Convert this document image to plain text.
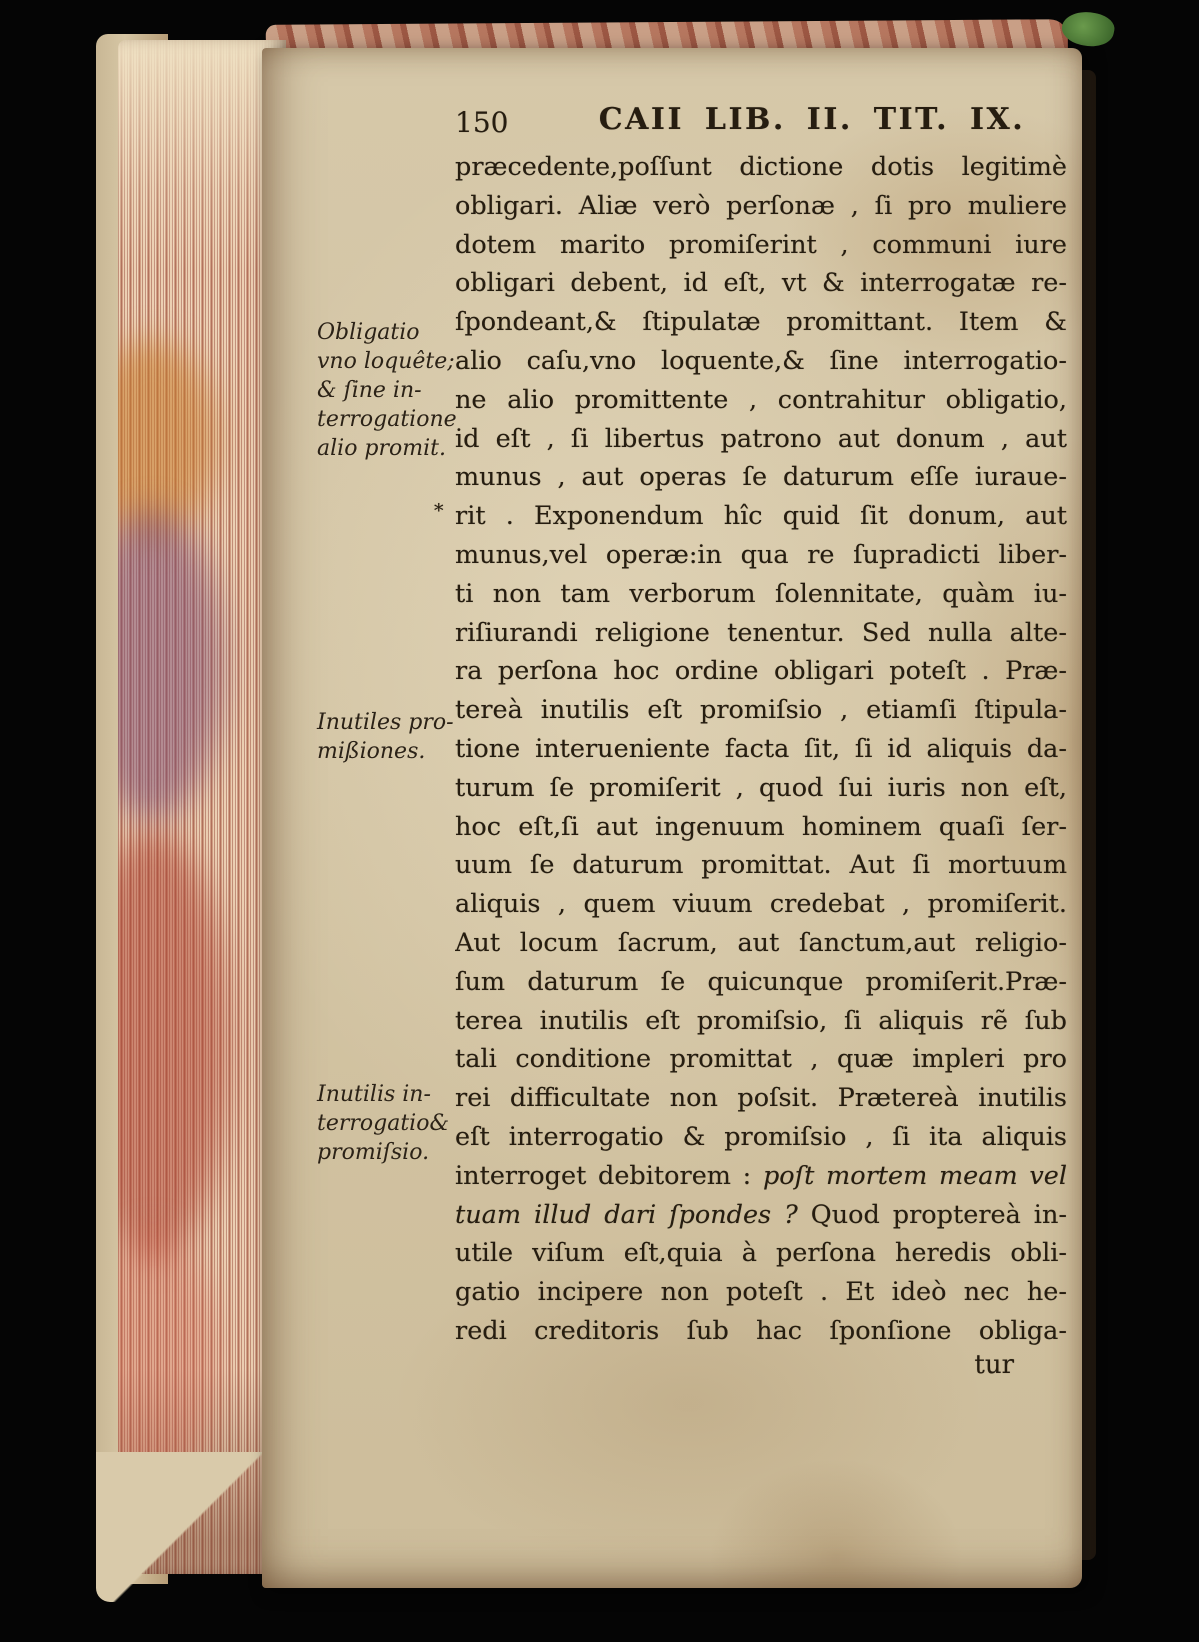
150	CAII LIB. II. TIT. IX.
Obligatio
vno loquête;
& ſine in-
terrogatione
alio promit.
Inutiles pro-
mißiones.
Inutilis in-
terrogatio&
promiſsio.
*
præcedente,poſſunt dictione dotis legitimè
obligari. Aliæ verò perſonæ , ſi pro muliere
dotem marito promiſerint , communi iure
obligari debent, id eſt, vt & interrogatæ re-
ſpondeant,& ſtipulatæ promittant. Item &
alio caſu,vno loquente,& ſine interrogatio-
ne alio promittente , contrahitur obligatio,
id eſt , ſi libertus patrono aut donum , aut
munus , aut operas ſe daturum eſſe iuraue-
rit . Exponendum hîc quid ſit donum, aut
munus,vel operæ:in qua re ſupradicti liber-
ti non tam verborum ſolennitate, quàm iu-
riſiurandi religione tenentur. Sed nulla alte-
ra perſona hoc ordine obligari poteſt . Præ-
tereà inutilis eſt promiſsio , etiamſi ſtipula-
tione interueniente facta ſit, ſi id aliquis da-
turum ſe promiſerit , quod ſui iuris non eſt,
hoc eſt,ſi aut ingenuum hominem quaſi ſer-
uum ſe daturum promittat. Aut ſi mortuum
aliquis , quem viuum credebat , promiſerit.
Aut locum ſacrum, aut ſanctum,aut religio-
ſum daturum ſe quicunque promiſerit.Præ-
terea inutilis eſt promiſsio, ſi aliquis rẽ ſub
tali conditione promittat , quæ impleri pro
rei difficultate non poſsit. Prætereà inutilis
eſt interrogatio & promiſsio , ſi ita aliquis
interroget debitorem : poſt mortem meam vel
tuam illud dari ſpondes ? Quod proptereà in-
utile viſum eſt,quia à perſona heredis obli-
gatio incipere non poteſt . Et ideò nec he-
redi creditoris ſub hac ſponſione obliga-
tur
